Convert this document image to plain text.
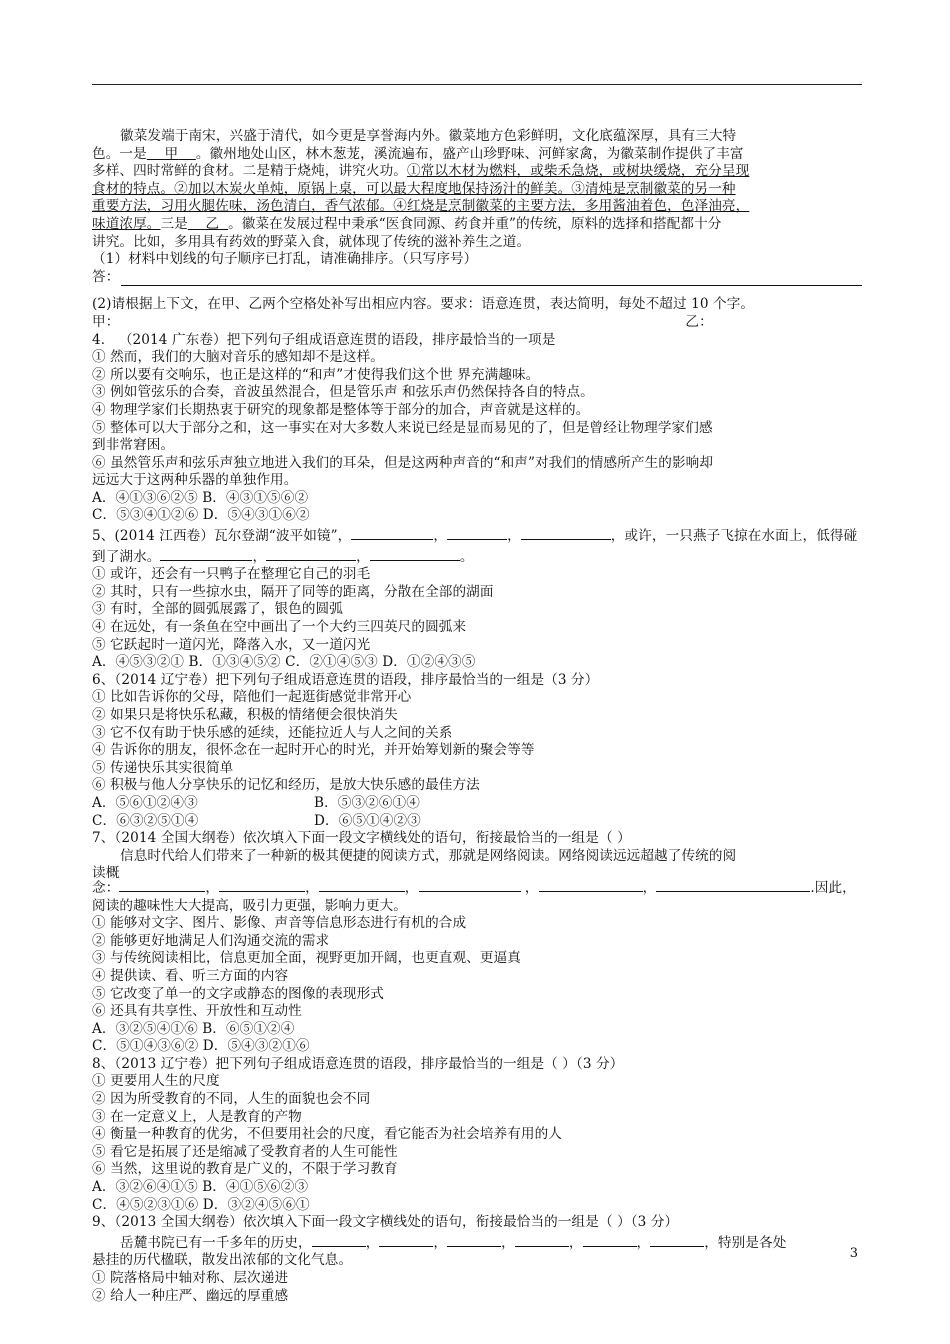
徽菜发端于南宋，兴盛于清代，如今更是享誉海内外。徽菜地方色彩鲜明，文化底蕴深厚，具有三大特
色。一是 甲 。徽州地处山区，林木葱茏，溪流遍布，盛产山珍野味、河鲜家禽，为徽菜制作提供了丰富
多样、四时常鲜的食材。二是精于烧炖，讲究火功。①常以木材为燃料，或柴禾急烧，或树块缓烧，充分呈现
食材的特点。②加以木炭火单炖，原锅上桌，可以最大程度地保持汤汁的鲜美。③清炖是烹制徽菜的另一种
重要方法，习用火腿佐味，汤色清白，香气浓郁。④红烧是烹制徽菜的主要方法，多用酱油着色，色泽油亮，
味道浓厚。三是 乙 。徽菜在发展过程中秉承“医食同源、药食并重”的传统，原料的选择和搭配都十分
讲究。比如，多用具有药效的野菜入食，就体现了传统的滋补养生之道。
（1）材料中划线的句子顺序已打乱，请准确排序。（只写序号）
答：
(2)请根据上下文，在甲、乙两个空格处补写出相应内容。要求：语意连贯，表达简明，每处不超过 10 个字。
甲：	乙：
4． （2014 广东卷）把下列句子组成语意连贯的语段，排序最恰当的一项是
① 然而，我们的大脑对音乐的感知却不是这样。
② 所以要有交响乐，也正是这样的“和声”才使得我们这个世 界充满趣味。
③ 例如管弦乐的合奏，音波虽然混合，但是管乐声 和弦乐声仍然保持各自的特点。
④ 物理学家们长期热衷于研究的现象都是整体等于部分的加合，声音就是这样的。
⑤ 整体可以大于部分之和，这一事实在对大多数人来说已经是显而易见的了，但是曾经让物理学家们感
到非常窘困。
⑥ 虽然管乐声和弦乐声独立地进入我们的耳朵，但是这两种声音的“和声”对我们的情感所产生的影响却
远远大于这两种乐器的单独作用。
A．④①③⑥②⑤ B．④③①⑤⑥②
C．⑤③④①②⑥ D．⑤④③①⑥②
5、(2014 江西卷）瓦尔登湖“波平如镜”，	，	，	，或许，一只燕子飞掠在水面上，低得碰
到了湖水。	，	，	。
① 或许，还会有一只鸭子在整理它自己的羽毛
② 其时，只有一些掠水虫，隔开了同等的距离，分散在全部的湖面
③ 有时，全部的圆弧展露了，银色的圆弧
④ 在远处，有一条鱼在空中画出了一个大约三四英尺的圆弧来
⑤ 它跃起时一道闪光，降落入水，又一道闪光
A．④⑤③②① B．①③④⑤② C．②①④⑤③ D．①②④③⑤
6、（2014 辽宁卷）把下列句子组成语意连贯的语段，排序最恰当的一组是（3 分）
① 比如告诉你的父母，陪他们一起逛街感觉非常开心
② 如果只是将快乐私藏，积极的情绪便会很快消失
③ 它不仅有助于快乐感的延续，还能拉近人与人之间的关系
④ 告诉你的朋友，很怀念在一起时开心的时光，并开始筹划新的聚会等等
⑤ 传递快乐其实很简单
⑥ 积极与他人分享快乐的记忆和经历，是放大快乐感的最佳方法
A．⑤⑥①②④③	B．⑤③②⑥①④
C．⑥③②⑤①④	D．⑥⑤①④②③
7、（2014 全国大纲卷）依次填入下面一段文字横线处的语句，衔接最恰当的一组是（ ）
信息时代给人们带来了一种新的极其便捷的阅读方式，那就是网络阅读。网络阅读远远超越了传统的阅
读概
念：	，	，	，	，	，	.因此，
阅读的趣味性大大提高，吸引力更强，影响力更大。
① 能够对文字、图片、影像、声音等信息形态进行有机的合成
② 能够更好地满足人们沟通交流的需求
③ 与传统阅读相比，信息更加全面，视野更加开阔，也更直观、更逼真
④ 提供读、看、听三方面的内容
⑤ 它改变了单一的文字或静态的图像的表现形式
⑥ 还具有共享性、开放性和互动性
A．③②⑤④①⑥ B．⑥⑤①②④
C．⑤①④③⑥② D．⑤④③②①⑥
8、（2013 辽宁卷）把下列句子组成语意连贯的语段，排序最恰当的一组是（ ）（3 分）
① 更要用人生的尺度
② 因为所受教育的不同，人生的面貌也会不同
③ 在一定意义上，人是教育的产物
④ 衡量一种教育的优劣，不但要用社会的尺度，看它能否为社会培养有用的人
⑤ 看它是拓展了还是缩减了受教育者的人生可能性
⑥ 当然，这里说的教育是广义的，不限于学习教育
A．③②⑥④①⑤ B．④①⑤⑥②③
C．④⑤②③①⑥ D．③②④⑤⑥①
9、（2013 全国大纲卷）依次填入下面一段文字横线处的语句，衔接最恰当的一组是（ ）（3 分）
岳麓书院已有一千多年的历史，	，	，	，	，	，	，特别是各处
悬挂的历代楹联，散发出浓郁的文化气息。
① 院落格局中轴对称、层次递进
② 给人一种庄严、幽远的厚重感
3
